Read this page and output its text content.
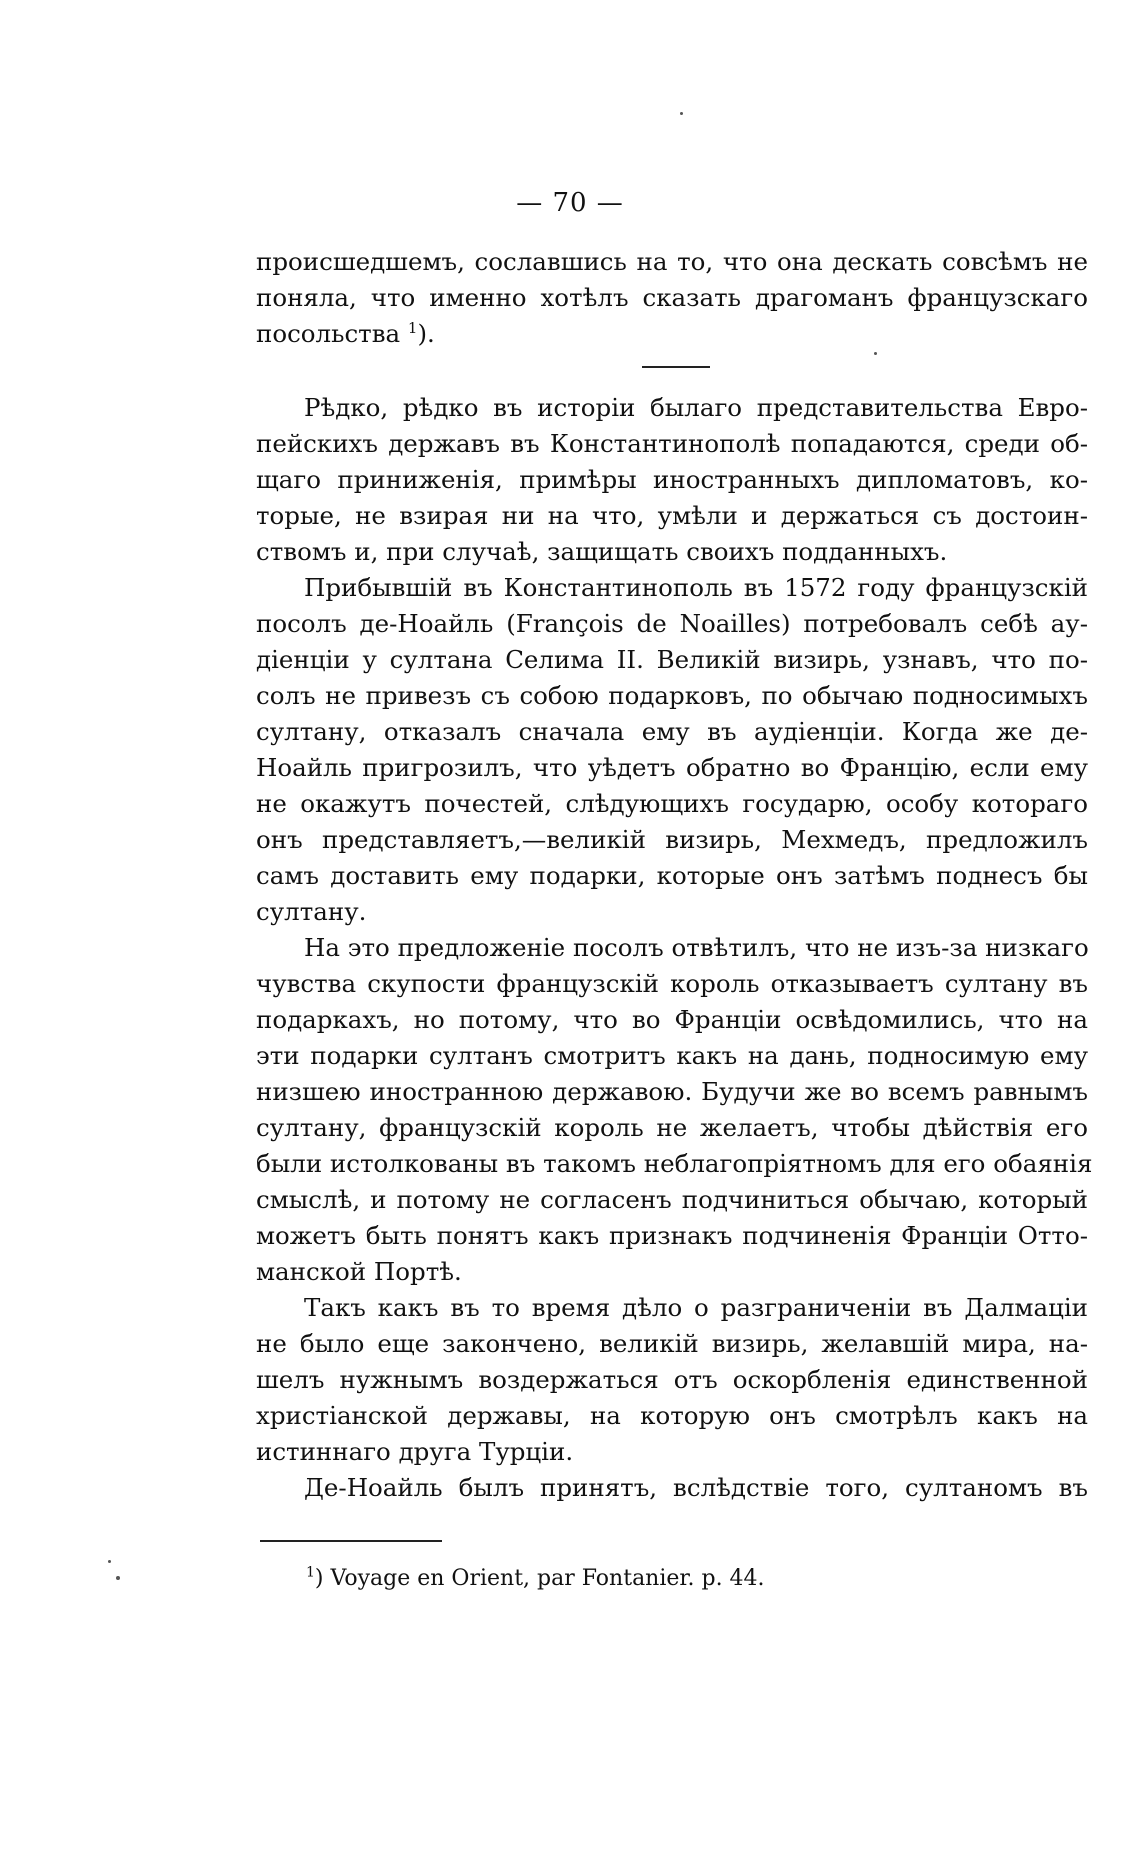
— 70 —

происшедшемъ, сославшись на то, что она дескать совсѣмъ не
поняла, что именно хотѣлъ сказать драгоманъ французскаго
посольства $^1$).

Рѣдко, рѣдко въ исторіи былаго представительства Евро-
пейскихъ державъ въ Константинополѣ попадаются, среди об-
щаго приниженія, примѣры иностранныхъ дипломатовъ, ко-
торые, не взирая ни на что, умѣли и держаться съ достоин-
ствомъ и, при случаѣ, защищать своихъ подданныхъ.

Прибывшій въ Константинополь въ 1572 году французскій
посолъ де-Ноайль (François de Noailles) потребовалъ себѣ ау-
діенціи у султана Селима II. Великій визирь, узнавъ, что по-
солъ не привезъ съ собою подарковъ, по обычаю подносимыхъ
султану, отказалъ сначала ему въ аудіенціи. Когда же де-
Ноайль пригрозилъ, что уѣдетъ обратно во Францію, если ему
не окажутъ почестей, слѣдующихъ государю, особу котораго
онъ представляетъ,—великій визирь, Мехмедъ, предложилъ
самъ доставить ему подарки, которые онъ затѣмъ поднесъ бы
султану.

На это предложеніе посолъ отвѣтилъ, что не изъ-за низкаго
чувства скупости французскій король отказываетъ султану въ
подаркахъ, но потому, что во Франціи освѣдомились, что на
эти подарки султанъ смотритъ какъ на дань, подносимую ему
низшею иностранною державою. Будучи же во всемъ равнымъ
султану, французскій король не желаетъ, чтобы дѣйствія его
были истолкованы въ такомъ неблагопріятномъ для его обаянія
смыслѣ, и потому не согласенъ подчиниться обычаю, который
можетъ быть понятъ какъ признакъ подчиненія Франціи Отто-
манской Портѣ.

Такъ какъ въ то время дѣло о разграниченіи въ Далмаціи
не было еще закончено, великій визирь, желавшій мира, на-
шелъ нужнымъ воздержаться отъ оскорбленія единственной
христіанской державы, на которую онъ смотрѣлъ какъ на
истиннаго друга Турціи.

Де-Ноайль былъ принятъ, вслѣдствіе того, султаномъ въ

$^1$) Voyage en Orient, par Fontanier. p. 44.
